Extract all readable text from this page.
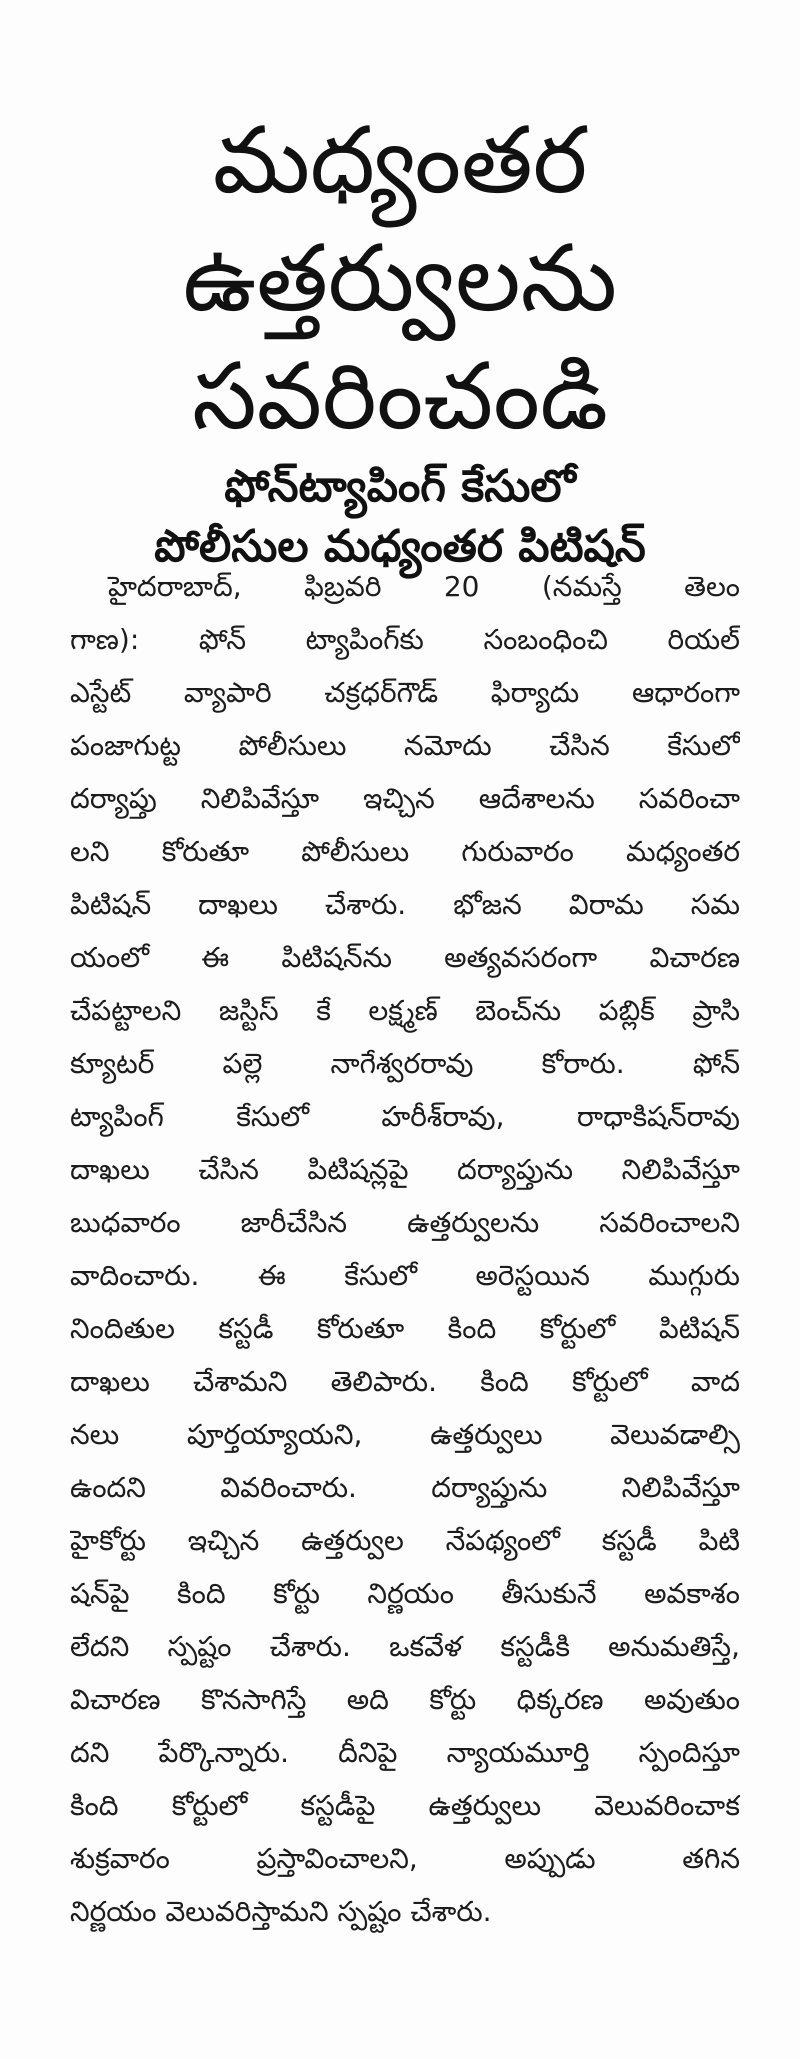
మధ్యంతర
ఉత్తర్వులను
సవరించండి
ఫోన్‌ట్యాపింగ్ కేసులో
పోలీసుల మధ్యంతర పిటిషన్
హైదరాబాద్, ఫిబ్రవరి 20 (నమస్తే తెలం
గాణ): ఫోన్ ట్యాపింగ్‌కు సంబంధించి రియల్
ఎస్టేట్ వ్యాపారి చక్రధర్‌గౌడ్ ఫిర్యాదు ఆధారంగా
పంజాగుట్ట పోలీసులు నమోదు చేసిన కేసులో
దర్యాప్తు నిలిపివేస్తూ ఇచ్చిన ఆదేశాలను సవరించా
లని కోరుతూ పోలీసులు గురువారం మధ్యంతర
పిటిషన్ దాఖలు చేశారు. భోజన విరామ సమ
యంలో ఈ పిటిషన్‌ను అత్యవసరంగా విచారణ
చేపట్టాలని జస్టిస్ కే లక్ష్మణ్ బెంచ్‌ను పబ్లిక్ ప్రాసి
క్యూటర్ పల్లె నాగేశ్వరరావు కోరారు. ఫోన్
ట్యాపింగ్ కేసులో హరీశ్‌రావు, రాధాకిషన్‌రావు
దాఖలు చేసిన పిటిషన్లపై దర్యాప్తును నిలిపివేస్తూ
బుధవారం జారీచేసిన ఉత్తర్వులను సవరించాలని
వాదించారు. ఈ కేసులో అరెస్టయిన ముగ్గురు
నిందితుల కస్టడీ కోరుతూ కింది కోర్టులో పిటిషన్
దాఖలు చేశామని తెలిపారు. కింది కోర్టులో వాద
నలు పూర్తయ్యాయని, ఉత్తర్వులు వెలువడాల్సి
ఉందని వివరించారు. దర్యాప్తును నిలిపివేస్తూ
హైకోర్టు ఇచ్చిన ఉత్తర్వుల నేపథ్యంలో కస్టడీ పిటి
షన్‌పై కింది కోర్టు నిర్ణయం తీసుకునే అవకాశం
లేదని స్పష్టం చేశారు. ఒకవేళ కస్టడీకి అనుమతిస్తే,
విచారణ కొనసాగిస్తే అది కోర్టు ధిక్కరణ అవుతుం
దని పేర్కొన్నారు. దీనిపై న్యాయమూర్తి స్పందిస్తూ
కింది కోర్టులో కస్టడీపై ఉత్తర్వులు వెలువరించాక
శుక్రవారం ప్రస్తావించాలని, అప్పుడు తగిన
నిర్ణయం వెలువరిస్తామని స్పష్టం చేశారు.
